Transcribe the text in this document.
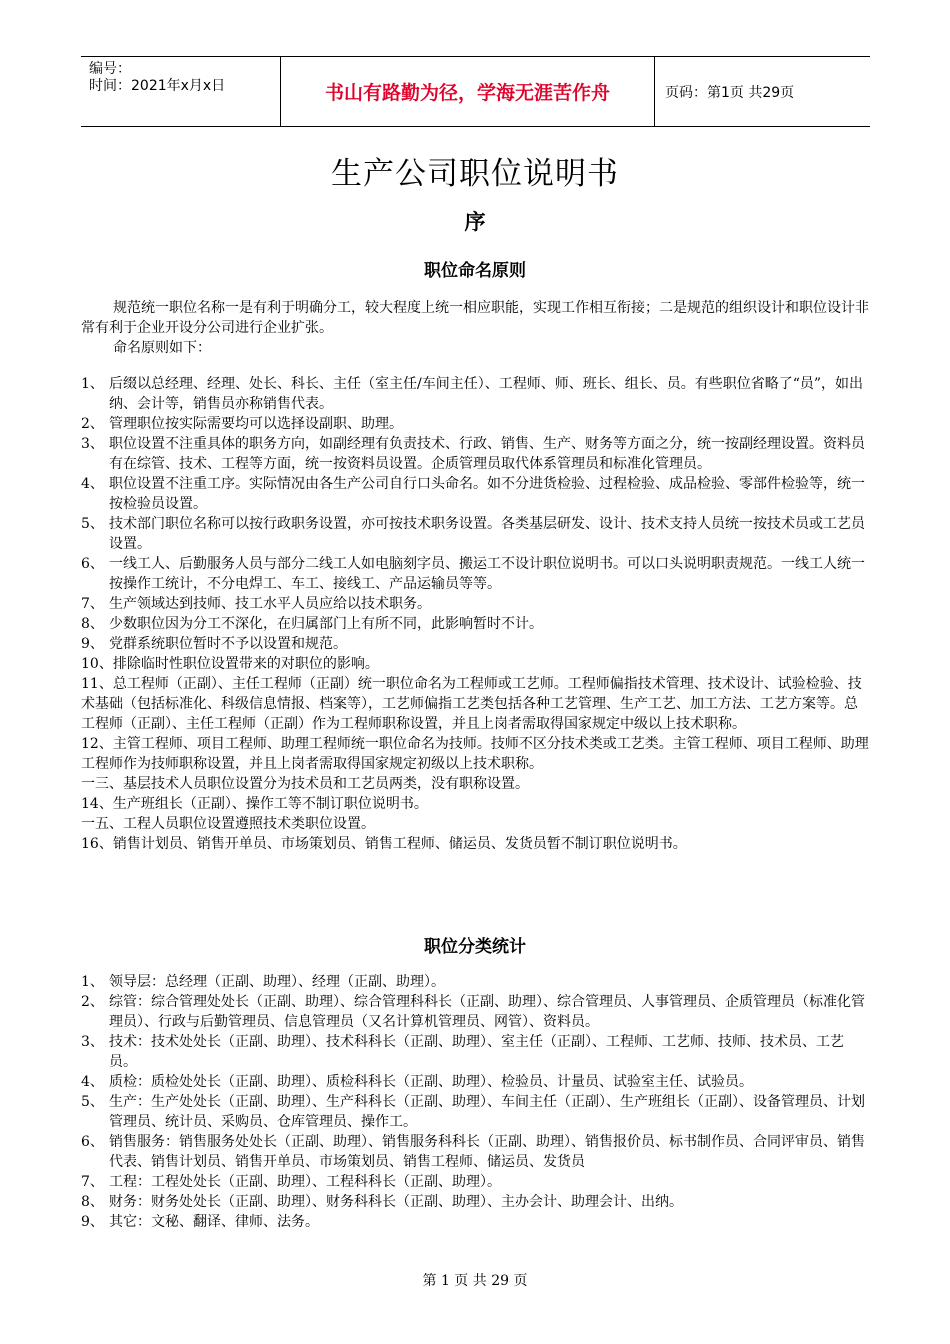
编号：
时间：2021年x月x日	书山有路勤为径，学海无涯苦作舟	页码：第1页 共29页
生产公司职位说明书
序
职位命名原则
规范统一职位名称一是有利于明确分工，较大程度上统一相应职能，实现工作相互衔接；二是规范的组织设计和职位设计非常有利于企业开设分公司进行企业扩张。
命名原则如下：
1、 后缀以总经理、经理、处长、科长、主任（室主任/车间主任）、工程师、师、班长、组长、员。有些职位省略了“员”，如出纳、会计等，销售员亦称销售代表。
2、 管理职位按实际需要均可以选择设副职、助理。
3、 职位设置不注重具体的职务方向，如副经理有负责技术、行政、销售、生产、财务等方面之分，统一按副经理设置。资料员有在综管、技术、工程等方面，统一按资料员设置。企质管理员取代体系管理员和标准化管理员。
4、 职位设置不注重工序。实际情况由各生产公司自行口头命名。如不分进货检验、过程检验、成品检验、零部件检验等，统一按检验员设置。
5、 技术部门职位名称可以按行政职务设置，亦可按技术职务设置。各类基层研发、设计、技术支持人员统一按技术员或工艺员设置。
6、 一线工人、后勤服务人员与部分二线工人如电脑刻字员、搬运工不设计职位说明书。可以口头说明职责规范。一线工人统一按操作工统计，不分电焊工、车工、接线工、产品运输员等等。
7、 生产领域达到技师、技工水平人员应给以技术职务。
8、 少数职位因为分工不深化，在归属部门上有所不同，此影响暂时不计。
9、 党群系统职位暂时不予以设置和规范。
10、排除临时性职位设置带来的对职位的影响。
11、总工程师（正副）、主任工程师（正副）统一职位命名为工程师或工艺师。工程师偏指技术管理、技术设计、试验检验、技术基础（包括标准化、科级信息情报、档案等），工艺师偏指工艺类包括各种工艺管理、生产工艺、加工方法、工艺方案等。总工程师（正副）、主任工程师（正副）作为工程师职称设置，并且上岗者需取得国家规定中级以上技术职称。
12、主管工程师、项目工程师、助理工程师统一职位命名为技师。技师不区分技术类或工艺类。主管工程师、项目工程师、助理工程师作为技师职称设置，并且上岗者需取得国家规定初级以上技术职称。
一三、基层技术人员职位设置分为技术员和工艺员两类，没有职称设置。
14、生产班组长（正副）、操作工等不制订职位说明书。
一五、工程人员职位设置遵照技术类职位设置。
16、销售计划员、销售开单员、市场策划员、销售工程师、储运员、发货员暂不制订职位说明书。
职位分类统计
1、 领导层：总经理（正副、助理）、经理（正副、助理）。
2、 综管：综合管理处处长（正副、助理）、综合管理科科长（正副、助理）、综合管理员、人事管理员、企质管理员（标准化管理员）、行政与后勤管理员、信息管理员（又名计算机管理员、网管）、资料员。
3、 技术：技术处处长（正副、助理）、技术科科长（正副、助理）、室主任（正副）、工程师、工艺师、技师、技术员、工艺员。
4、 质检：质检处处长（正副、助理）、质检科科长（正副、助理）、检验员、计量员、试验室主任、试验员。
5、 生产：生产处处长（正副、助理）、生产科科长（正副、助理）、车间主任（正副）、生产班组长（正副）、设备管理员、计划管理员、统计员、采购员、仓库管理员、操作工。
6、 销售服务：销售服务处处长（正副、助理）、销售服务科科长（正副、助理）、销售报价员、标书制作员、合同评审员、销售代表、销售计划员、销售开单员、市场策划员、销售工程师、储运员、发货员
7、 工程：工程处处长（正副、助理）、工程科科长（正副、助理）。
8、 财务：财务处处长（正副、助理）、财务科科长（正副、助理）、主办会计、助理会计、出纳。
9、 其它：文秘、翻译、律师、法务。
第 1 页 共 29 页
